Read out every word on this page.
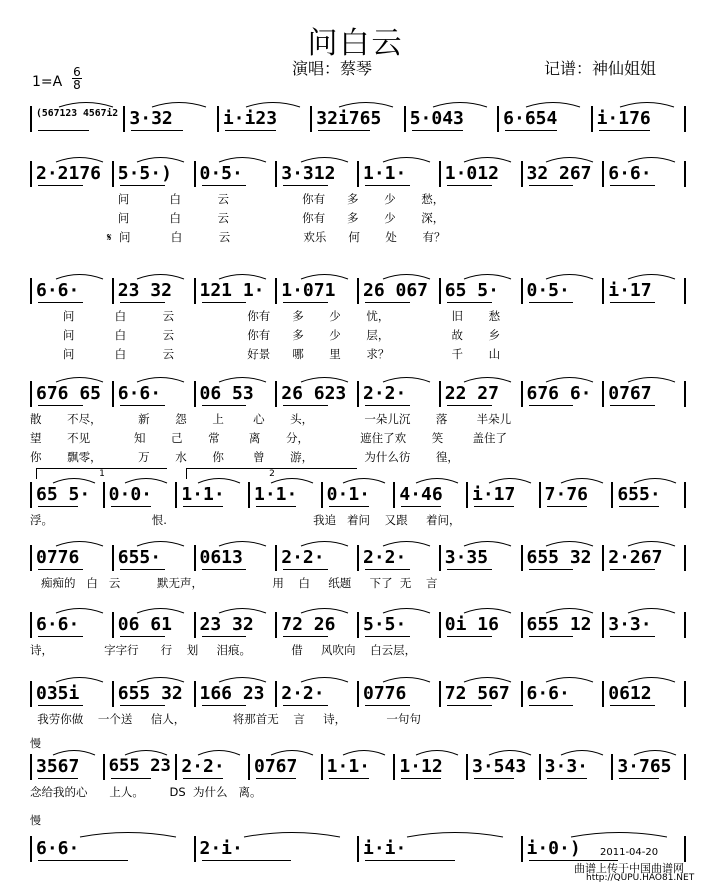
问白云
演唱：蔡琴	记谱：神仙姐姐
$1=A \frac{6}{8}$
(567123 4567i2 3·32	i·i23 32i765 5·043 6·654 i·176
2·2176 5·5·) 0·5· 3·312 1·1· 1·012 32 267 6·6·
问           白          云                    你有      多       少       愁，
问           白          云                    你有      多       少       深，
𝄋  问           白          云                    欢乐      何       处       有？
6·6· 23 32 121 1· 1·071 26 067 65 5· 0·5· i·17
问           白          云                    你有      多       少       忧，                 旧       愁
问           白          云                    你有      多       少       层，                 故       乡
问           白          云                    好景      哪       里       求？                 千       山
676 65 6·6· 06 53 26 623 2·2· 22 27 676 6· 0767
散       不尽，          新       怨       上        心       头，              一朵儿沉       落        半朵儿
望       不见            知       己       常        离       分，              遮住了欢       笑        盖住了
你       飘零，          万       水       你        曾       游，              为什么彷       徨，
65 5· 0·0· 1·1· 1·1· 0·1· 4·46 i·17 7·76 655·
浮。                           恨.                                        我追   着问    又跟     着问，
0776 655· 0613 2·2· 2·2· 3·35 655 32 2·267
痴痴的   白   云          默无声，                   用    白     纸题     下了  无    言
6·6· 06 61 23 32 72 26 5·5· 0i 16 655 12 3·3·
诗，              字字行      行    划     泪痕。           借     风吹向    白云层，
035i 655 32 166 23 2·2· 0776 72 567 6·6· 0612
我劳你做    一个送     信人，             将那首无    言     诗，           一句句
3567 655 23 2·2· 0767 1·1· 1·12 3·543 3·3· 3·765
念给我的心      上人。       DS  为什么   离。
6·6·	2·i·	i·i·	i·0·)
慢
慢
1	2
2011-04-20
曲谱上传于中国曲谱网
http://QUPU.HAO81.NET
